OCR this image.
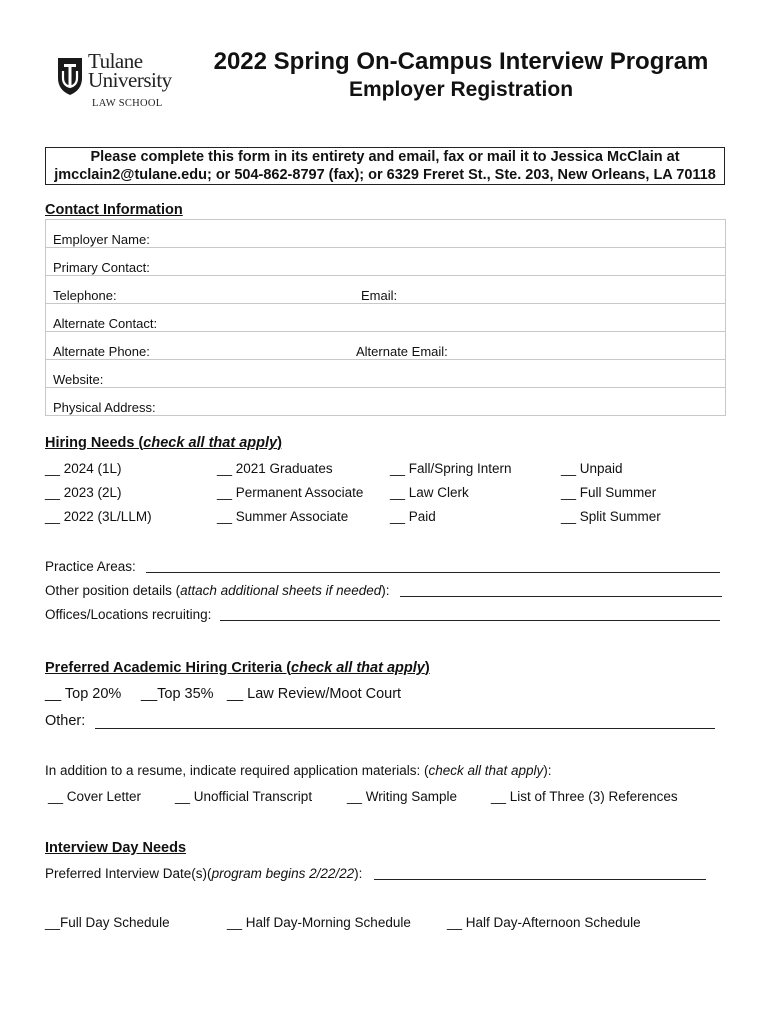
Tulane
University
LAW SCHOOL
2022 Spring On-Campus Interview Program
Employer Registration
Please complete this form in its entirety and email, fax or mail it to Jessica McClain at
jmcclain2@tulane.edu; or 504-862-8797 (fax); or 6329 Freret St., Ste. 203, New Orleans, LA 70118
Contact Information
Employer Name:
Primary Contact:
Telephone:	Email:
Alternate Contact:
Alternate Phone:	Alternate Email:
Website:
Physical Address:
Hiring Needs (check all that apply)
__ 2024 (1L)	__ 2021 Graduates	__ Fall/Spring Intern	__ Unpaid
__ 2023 (2L)	__ Permanent Associate __ Law Clerk	__ Full Summer
__ 2022 (3L/LLM)	__ Summer Associate	__ Paid	__ Split Summer
Practice Areas:
Other position details (attach additional sheets if needed):
Offices/Locations recruiting:
Preferred Academic Hiring Criteria (check all that apply)
__ Top 20% __Top 35% __ Law Review/Moot Court
Other:
In addition to a resume, indicate required application materials: (check all that apply):
__ Cover Letter	__ Unofficial Transcript	__ Writing Sample	__ List of Three (3) References
Interview Day Needs
Preferred Interview Date(s)(program begins 2/22/22):
__Full Day Schedule	__ Half Day-Morning Schedule	__ Half Day-Afternoon Schedule
